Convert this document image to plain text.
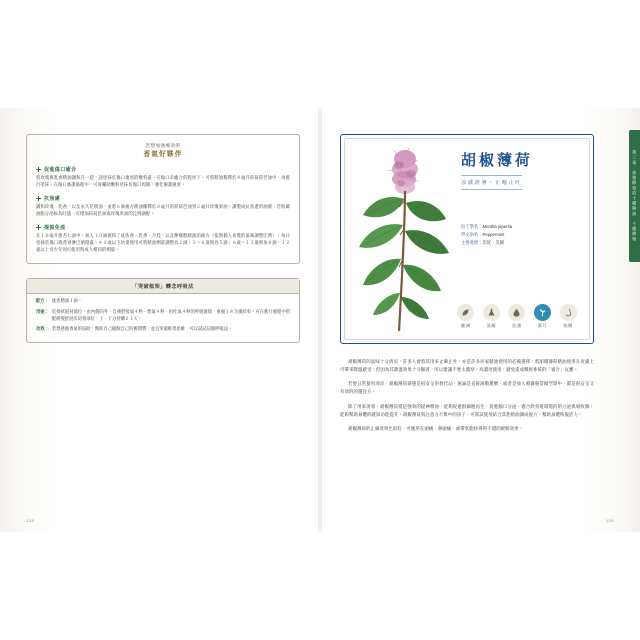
若想加強療效的
香氣好夥伴
促進傷口癒合
將玫瑰與乳香精油調和在一起，請塗抹於傷口復原的敷料處。在傷口未癒合的程度下，可將精油稀釋於８毫升的荷荷芭油中，再進行塗抹。在傷口修護過程中，可再輔助敷料塗抹於傷口周圍，強化撫護速度。
抗焦慮
調和玫瑰、乳香，以及永久花精油，並將６滴複方精油稀釋於８毫升的荷荷芭油到２毫升玫瑰果油。調製成抗焦慮的油膏，若肌膚油脂分泌較為旺盛，可增加荷荷芭油或玫瑰果油的比例調配。
提振免疫
在１０毫升甜杏仁油中，加入１０滴菌和了迷迭香、乳香、月桂，以及檸檬醛精油的複方（依照個人喜愛的氣味調整比例），每日塗抹於傷口與背脊淋巴循環處。＊２歲以下幼童使用可將精油劑量調整為２滴；３～６歲則為５滴；６歲～１２歲則加８滴，１２歲以上青少年則可使用與成人相同的劑量。
「突破框架」轉念呼吸法
配方： 迷迭精油１滴。
用途： 於擦拭道材部位，由內側向外，自鼻腔吸氣４秒、憋氣４秒、再吐氣４秒的呼吸循環，重複１８次後結束。可在進行過程中搭配緩慢舒展於肩頸部位，上、下分持續２１天。
功效： 若想透過香氣的協助，幫助自己擺脫自己的舊慣慣，並且突破框架思維，可以試試這個呼吸法。
138
第三章　加強療效的十種精油　十種植物
胡椒薄荷
涼感消暑・止嘔止吐
拉丁學名：Mentha piperita
英文俗名：Peppermint
主要產地：印度、美國
歐洲	蒸餾	流通	葉片	吸聞

胡椒薄荷的氣味十分清涼，許多人會將其用來止暈止吐，亦是許多居家精油使用的必備選擇。將胡椒薄荷精油使用在皮膚上可帶來降溫感受，但因為其降溫效果十分顯著，所以建議不要太濃厚、高濃度使用，避免造成緻經系統的「過冷」反應。

若要日常使用清涼，胡椒薄荷需選是很安全的替代品，無論是直接滴散薰酸、或者是放入噴霧瓶當做空間中，都是很安全又有效的的選良方。

除了用來消暑，胡椒薄荷還是強效的提神精油，能夠促進群細胞再生，促進腦口分泌、適合飲食道環道的的分泌與吸收嗅，能夠幫助身體的感知功能提升。胡椒薄荷與注意力不集中的孩子，可嘗試使用結合其他精油調成複方，幫助身體恢復活力。

胡椒薄荷的止痛效果也很好，可運用在頭痛、鼻頭痛、或帶狀皰疹得得不錯的緩解效果。

139
